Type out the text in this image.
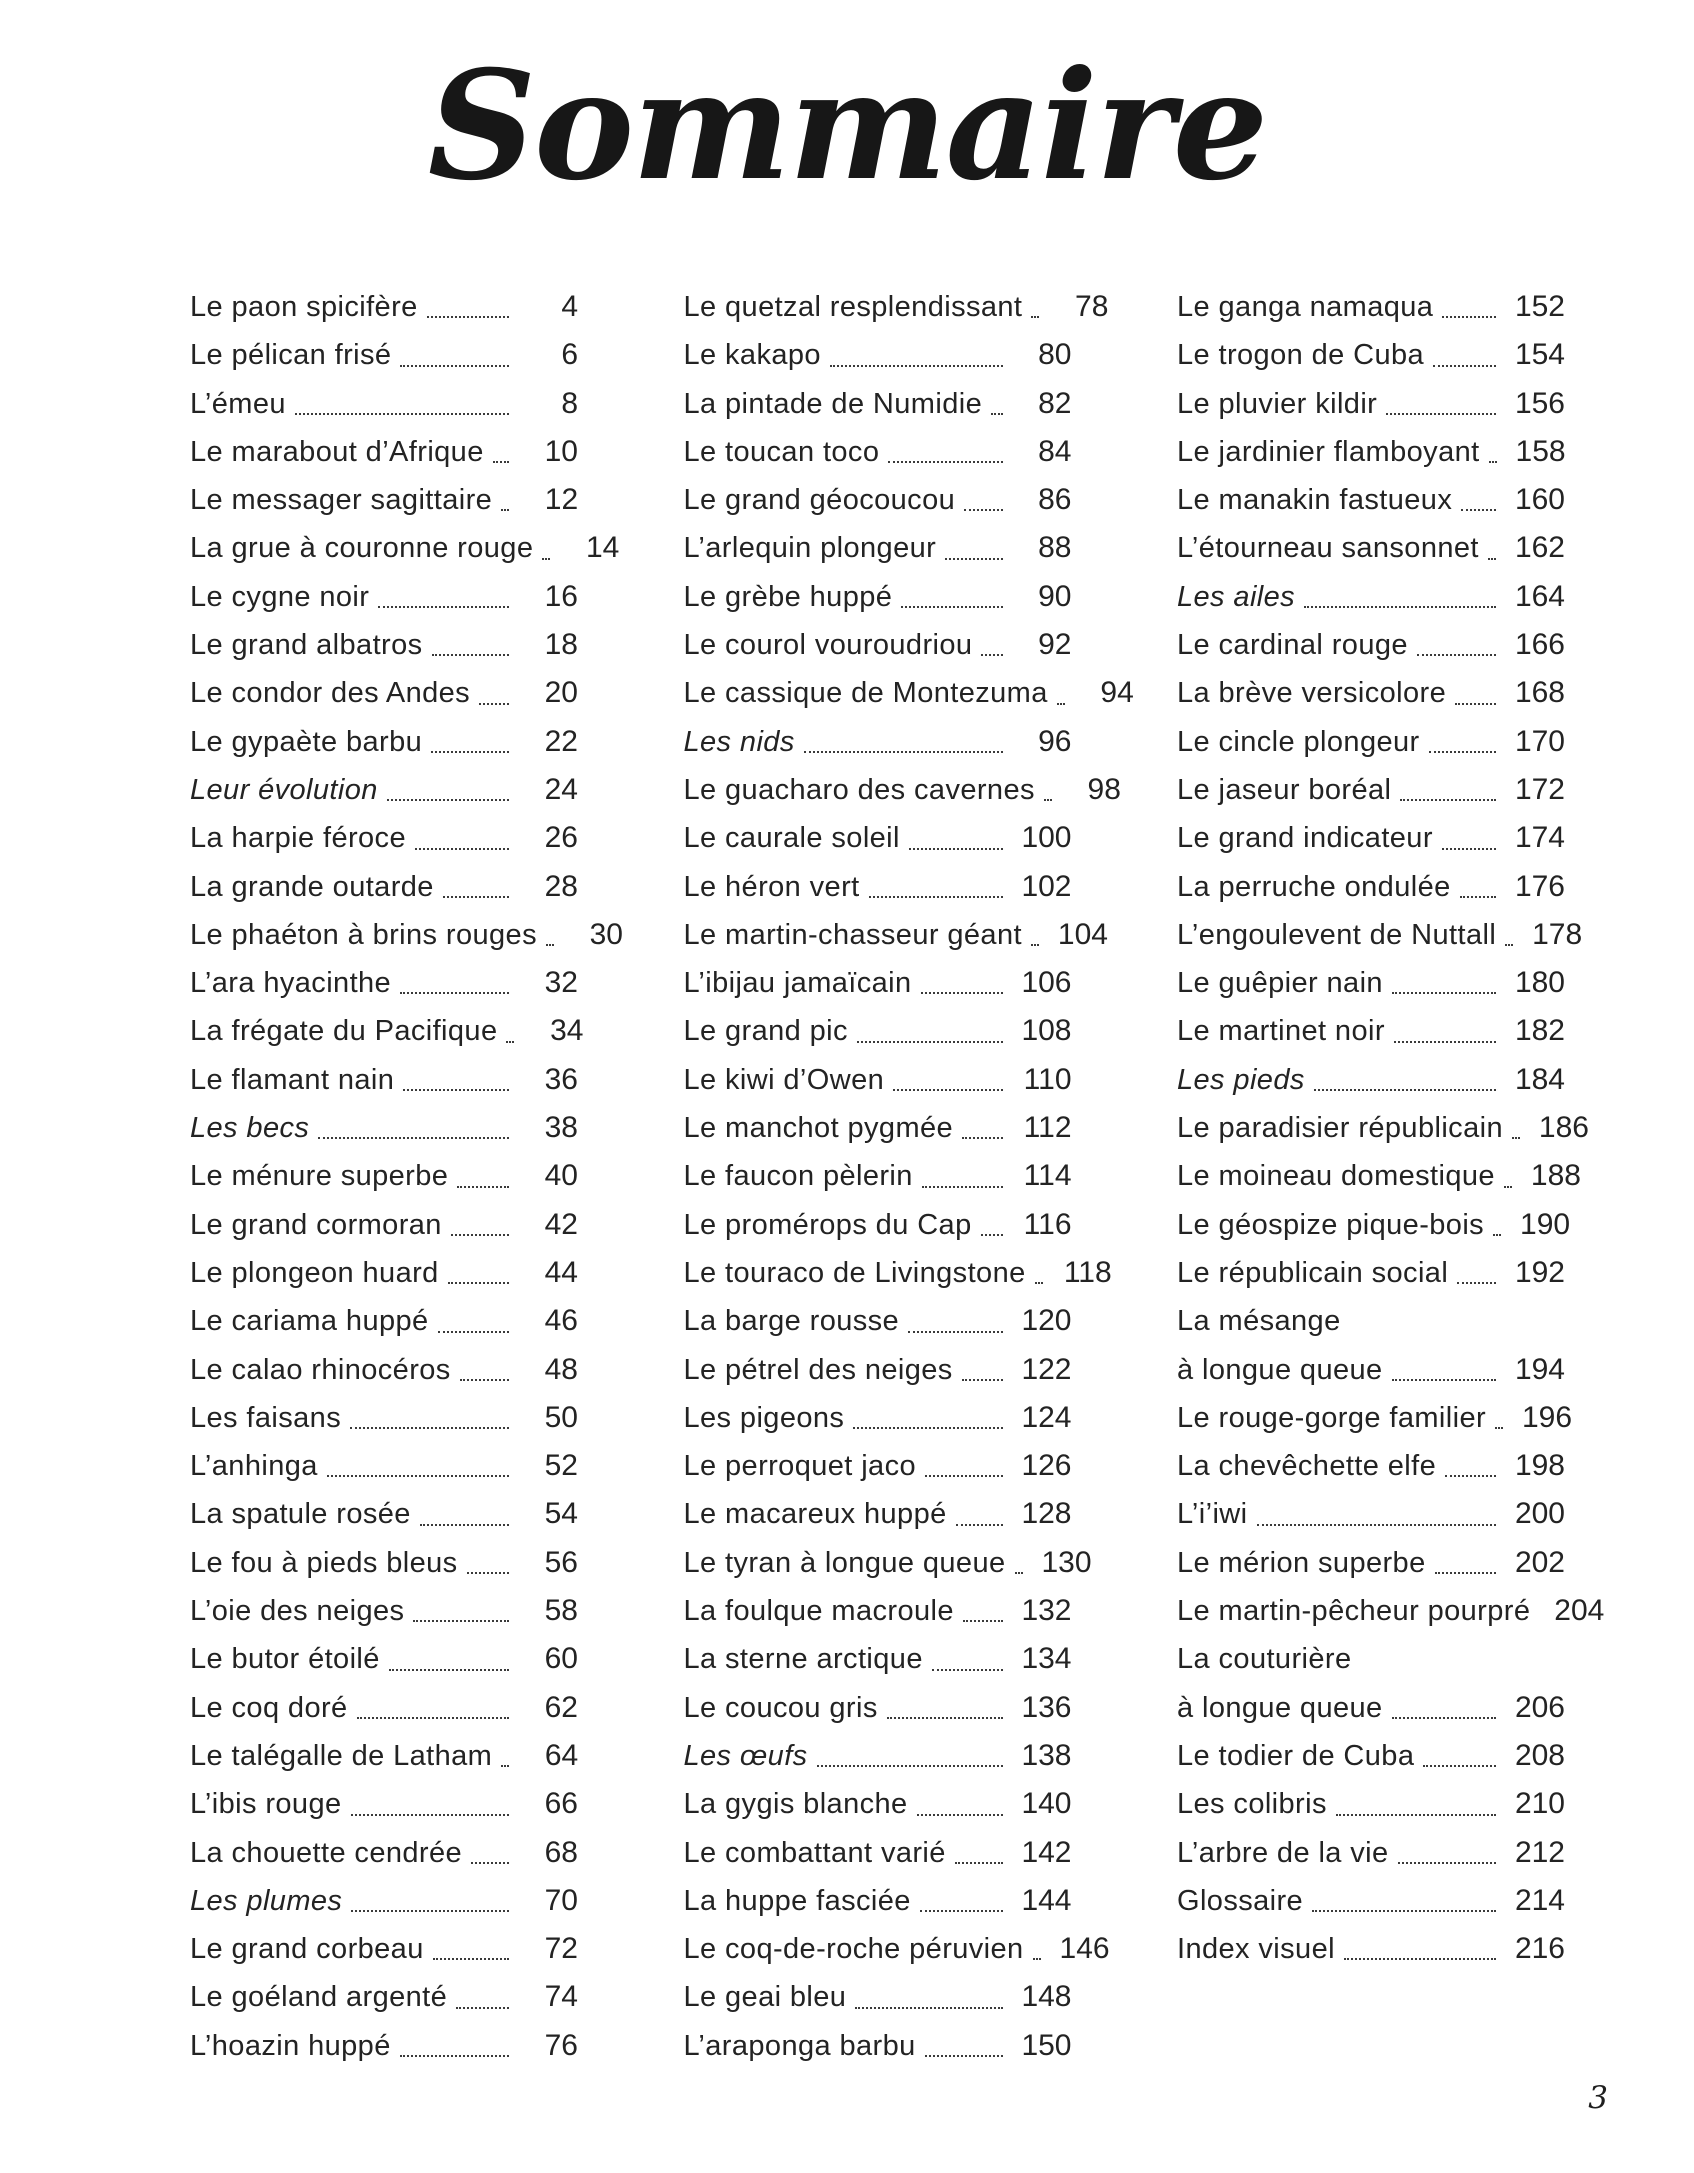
Sommaire
Le paon spicifère	4
Le pélican frisé	6
L’émeu	8
Le marabout d’Afrique	10
Le messager sagittaire	12
La grue à couronne rouge	14
Le cygne noir	16
Le grand albatros	18
Le condor des Andes	20
Le gypaète barbu	22
Leur évolution	24
La harpie féroce	26
La grande outarde	28
Le phaéton à brins rouges	30
L’ara hyacinthe	32
La frégate du Pacifique	34
Le flamant nain	36
Les becs	38
Le ménure superbe	40
Le grand cormoran	42
Le plongeon huard	44
Le cariama huppé	46
Le calao rhinocéros	48
Les faisans	50
L’anhinga	52
La spatule rosée	54
Le fou à pieds bleus	56
L’oie des neiges	58
Le butor étoilé	60
Le coq doré	62
Le talégalle de Latham	64
L’ibis rouge	66
La chouette cendrée	68
Les plumes	70
Le grand corbeau	72
Le goéland argenté	74
L’hoazin huppé	76
Le quetzal resplendissant	78
Le kakapo	80
La pintade de Numidie	82
Le toucan toco	84
Le grand géocoucou	86
L’arlequin plongeur	88
Le grèbe huppé	90
Le courol vouroudriou	92
Le cassique de Montezuma	94
Les nids	96
Le guacharo des cavernes	98
Le caurale soleil	100
Le héron vert	102
Le martin-chasseur géant	104
L’ibijau jamaïcain	106
Le grand pic	108
Le kiwi d’Owen	110
Le manchot pygmée	112
Le faucon pèlerin	114
Le promérops du Cap	116
Le touraco de Livingstone	118
La barge rousse	120
Le pétrel des neiges	122
Les pigeons	124
Le perroquet jaco	126
Le macareux huppé	128
Le tyran à longue queue	130
La foulque macroule	132
La sterne arctique	134
Le coucou gris	136
Les œufs	138
La gygis blanche	140
Le combattant varié	142
La huppe fasciée	144
Le coq-de-roche péruvien	146
Le geai bleu	148
L’araponga barbu	150
Le ganga namaqua	152
Le trogon de Cuba	154
Le pluvier kildir	156
Le jardinier flamboyant	158
Le manakin fastueux	160
L’étourneau sansonnet	162
Les ailes	164
Le cardinal rouge	166
La brève versicolore	168
Le cincle plongeur	170
Le jaseur boréal	172
Le grand indicateur	174
La perruche ondulée	176
L’engoulevent de Nuttall	178
Le guêpier nain	180
Le martinet noir	182
Les pieds	184
Le paradisier républicain	186
Le moineau domestique	188
Le géospize pique-bois	190
Le républicain social	192
La mésange
à longue queue	194
Le rouge-gorge familier	196
La chevêchette elfe	198
L’i’iwi	200
Le mérion superbe	202
Le martin-pêcheur pourpré 204
La couturière
à longue queue	206
Le todier de Cuba	208
Les colibris	210
L’arbre de la vie	212
Glossaire	214
Index visuel	216
3
